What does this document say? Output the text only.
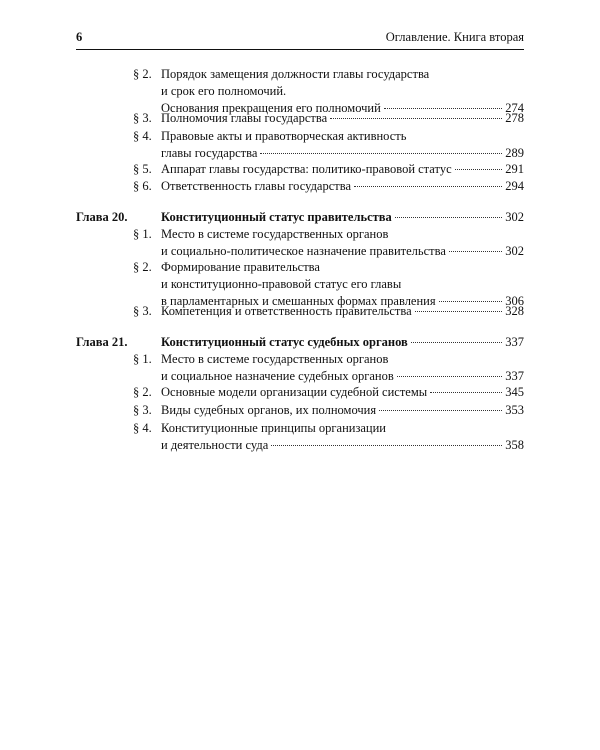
6	Оглавление. Книга вторая
§ 2. Порядок замещения должности главы государства
и срок его полномочий.
Основания прекращения его полномочий	274
§ 3. Полномочия главы государства	278
§ 4. Правовые акты и правотворческая активность
главы государства	289
§ 5. Аппарат главы государства: политико-правовой статус	291
§ 6. Ответственность главы государства	294
Глава 20.	Конституционный статус правительства	302
§ 1. Место в системе государственных органов
и социально-политическое назначение правительства	302
§ 2. Формирование правительства
и конституционно-правовой статус его главы
в парламентарных и смешанных формах правления	306
§ 3. Компетенция и ответственность правительства	328
Глава 21.	Конституционный статус судебных органов	337
§ 1. Место в системе государственных органов
и социальное назначение судебных органов	337
§ 2. Основные модели организации судебной системы	345
§ 3. Виды судебных органов, их полномочия	353
§ 4. Конституционные принципы организации
и деятельности суда	358
